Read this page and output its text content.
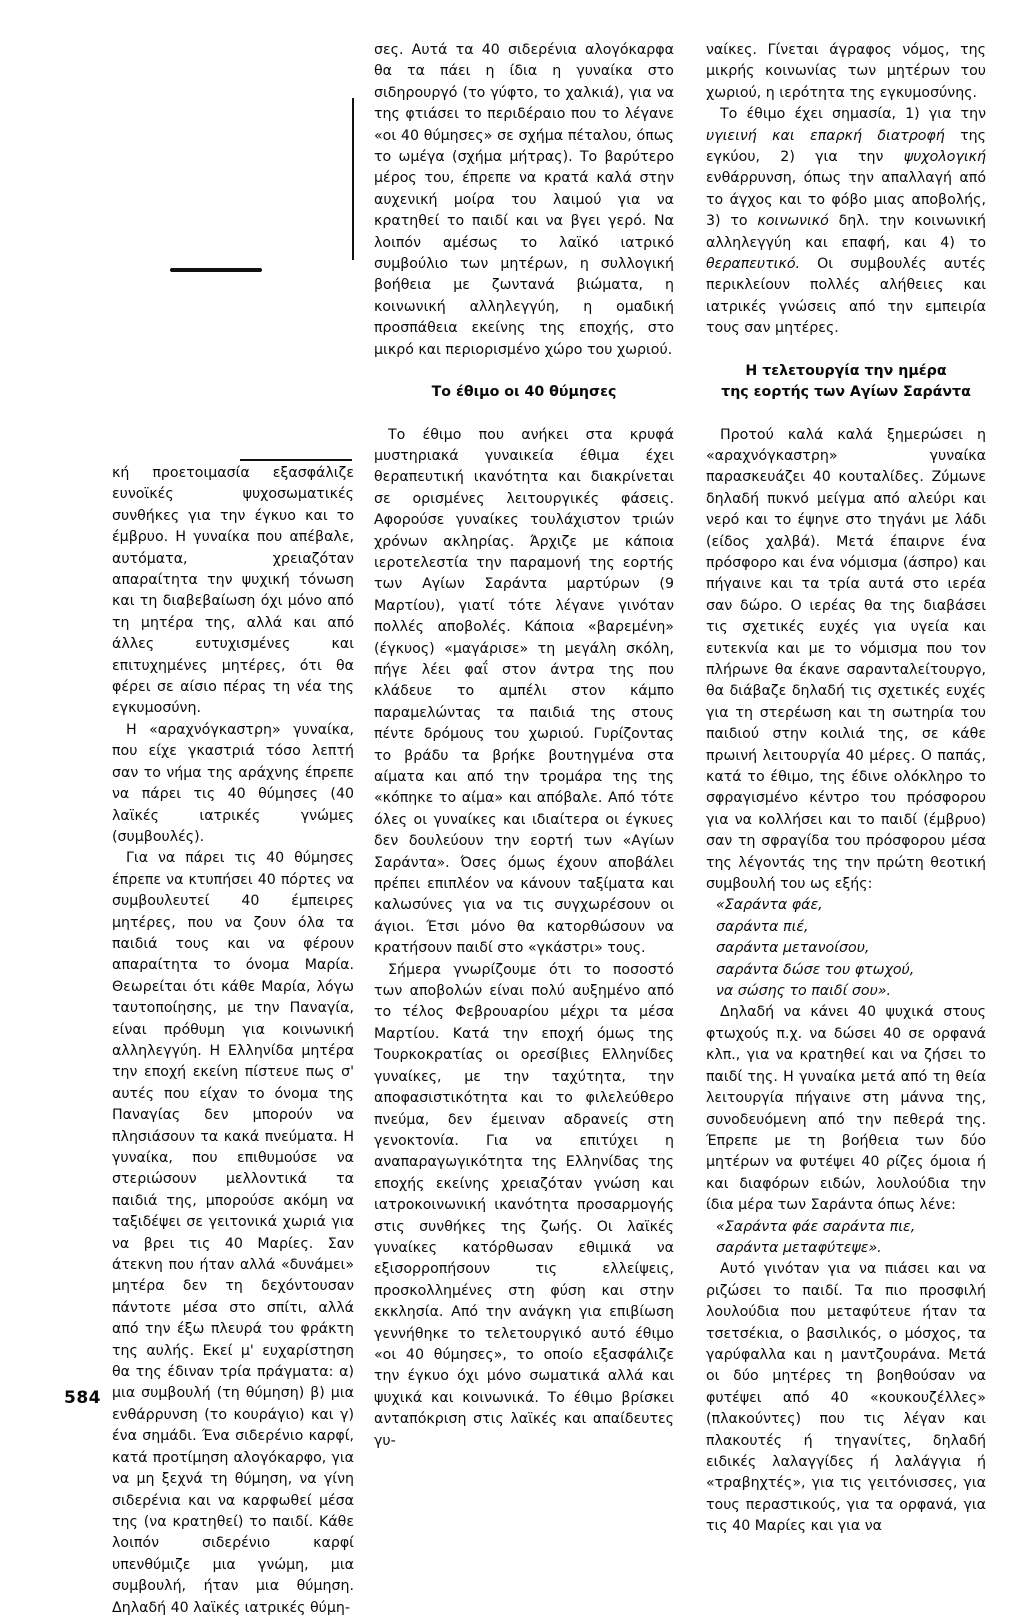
κή προετοιμασία εξασφάλιζε ευνοϊκές ψυχοσωματικές συνθήκες για την έγκυο και το έμβρυο. Η γυναίκα που απέβαλε, αυτόματα, χρειαζόταν απαραίτητα την ψυχική τόνωση και τη διαβεβαίωση όχι μόνο από τη μητέρα της, αλλά και από άλλες ευτυχισμένες και επιτυχημένες μητέρες, ότι θα φέρει σε αίσιο πέρας τη νέα της εγκυμοσύνη.

Η «αραχνόγκαστρη» γυναίκα, που είχε γκαστριά τόσο λεπτή σαν το νήμα της αράχνης έπρεπε να πάρει τις 40 θύμησες (40 λαϊκές ιατρικές γνώμες (συμβουλές).

Για να πάρει τις 40 θύμησες έπρεπε να κτυπήσει 40 πόρτες να συμβουλευτεί 40 έμπειρες μητέρες, που να ζουν όλα τα παιδιά τους και να φέρουν απαραίτητα το όνομα Μαρία. Θεωρείται ότι κάθε Μαρία, λόγω ταυτοποίησης, με την Παναγία, είναι πρόθυμη για κοινωνική αλληλεγγύη. Η Ελληνίδα μητέρα την εποχή εκείνη πίστευε πως σ' αυτές που είχαν το όνομα της Παναγίας δεν μπορούν να πλησιάσουν τα κακά πνεύματα. Η γυναίκα, που επιθυμούσε να στεριώσουν μελλοντικά τα παιδιά της, μπορούσε ακόμη να ταξιδέψει σε γειτονικά χωριά για να βρει τις 40 Μαρίες. Σαν άτεκνη που ήταν αλλά «δυνάμει» μητέρα δεν τη δεχόντουσαν πάντοτε μέσα στο σπίτι, αλλά από την έξω πλευρά του φράκτη της αυλής. Εκεί μ' ευχαρίστηση θα της έδιναν τρία πράγματα: α) μια συμβουλή (τη θύμηση) β) μια ενθάρρυνση (το κουράγιο) και γ) ένα σημάδι. Ένα σιδερένιο καρφί, κατά προτίμηση αλογόκαρφο, για να μη ξεχνά τη θύμηση, να γίνη σιδερένια και να καρφωθεί μέσα της (να κρατηθεί) το παιδί. Κάθε λοιπόν σιδερένιο καρφί υπενθύμιζε μια γνώμη, μια συμβουλή, ήταν μια θύμηση. Δηλαδή 40 λαϊκές ιατρικές θύμη-

σες. Αυτά τα 40 σιδερένια αλογόκαρφα θα τα πάει η ίδια η γυναίκα στο σιδηρουργό (το γύφτο, το χαλκιά), για να της φτιάσει το περιδέραιο που το λέγανε «οι 40 θύμησες» σε σχήμα πέταλου, όπως το ωμέγα (σχήμα μήτρας). Το βαρύτερο μέρος του, έπρεπε να κρατά καλά στην αυχενική μοίρα του λαιμού για να κρατηθεί το παιδί και να βγει γερό. Να λοιπόν αμέσως το λαϊκό ιατρικό συμβούλιο των μητέρων, η συλλογική βοήθεια με ζωντανά βιώματα, η κοινωνική αλληλεγγύη, η ομαδική προσπάθεια εκείνης της εποχής, στο μικρό και περιορισμένο χώρο του χωριού.

Το έθιμο οι 40 θύμησες

Το έθιμο που ανήκει στα κρυφά μυστηριακά γυναικεία έθιμα έχει θεραπευτική ικανότητα και διακρίνεται σε ορισμένες λειτουργικές φάσεις. Αφορούσε γυναίκες τουλάχιστον τριών χρόνων ακληρίας. Άρχιζε με κάποια ιεροτελεστία την παραμονή της εορτής των Αγίων Σαράντα μαρτύρων (9 Μαρτίου), γιατί τότε λέγανε γινόταν πολλές αποβολές. Κάποια «βαρεμένη» (έγκυος) «μαγάρισε» τη μεγάλη σκόλη, πήγε λέει φαΐ στον άντρα της που κλάδευε το αμπέλι στον κάμπο παραμελώντας τα παιδιά της στους πέντε δρόμους του χωριού. Γυρίζοντας το βράδυ τα βρήκε βουτηγμένα στα αίματα και από την τρομάρα της της «κόπηκε το αίμα» και απόβαλε. Από τότε όλες οι γυναίκες και ιδιαίτερα οι έγκυες δεν δουλεύουν την εορτή των «Αγίων Σαράντα». Όσες όμως έχουν αποβάλει πρέπει επιπλέον να κάνουν ταξίματα και καλωσύνες για να τις συγχωρέσουν οι άγιοι. Έτσι μόνο θα κατορθώσουν να κρατήσουν παιδί στο «γκάστρι» τους.

Σήμερα γνωρίζουμε ότι το ποσοστό των αποβολών είναι πολύ αυξημένο από το τέλος Φεβρουαρίου μέχρι τα μέσα Μαρτίου. Κατά την εποχή όμως της Τουρκοκρατίας οι ορεσίβιες Ελληνίδες γυναίκες, με την ταχύτητα, την αποφασιστικότητα και το φιλελεύθερο πνεύμα, δεν έμειναν αδρανείς στη γενοκτονία. Για να επιτύχει η αναπαραγωγικότητα της Ελληνίδας της εποχής εκείνης χρειαζόταν γνώση και ιατροκοινωνική ικανότητα προσαρμογής στις συνθήκες της ζωής. Οι λαϊκές γυναίκες κατόρθωσαν εθιμικά να εξισορροπήσουν τις ελλείψεις, προσκολλημένες στη φύση και στην εκκλησία. Από την ανάγκη για επιβίωση γεννήθηκε το τελετουργικό αυτό έθιμο «οι 40 θύμησες», το οποίο εξασφάλιζε την έγκυο όχι μόνο σωματικά αλλά και ψυχικά και κοινωνικά. Το έθιμο βρίσκει ανταπόκριση στις λαϊκές και απαίδευτες γυ-

ναίκες. Γίνεται άγραφος νόμος, της μικρής κοινωνίας των μητέρων του χωριού, η ιερότητα της εγκυμοσύνης.

Το έθιμο έχει σημασία, 1) για την υγιεινή και επαρκή διατροφή της εγκύου, 2) για την ψυχολογική ενθάρρυνση, όπως την απαλλαγή από το άγχος και το φόβο μιας αποβολής, 3) το κοινωνικό δηλ. την κοινωνική αλληλεγγύη και επαφή, και 4) το θεραπευτικό. Οι συμβουλές αυτές περικλείουν πολλές αλήθειες και ιατρικές γνώσεις από την εμπειρία τους σαν μητέρες.

Η τελετουργία την ημέρα

της εορτής των Αγίων Σαράντα

Προτού καλά καλά ξημερώσει η «αραχνόγκαστρη» γυναίκα παρασκευάζει 40 κουταλίδες. Ζύμωνε δηλαδή πυκνό μείγμα από αλεύρι και νερό και το έψηνε στο τηγάνι με λάδι (είδος χαλβά). Μετά έπαιρνε ένα πρόσφορο και ένα νόμισμα (άσπρο) και πήγαινε και τα τρία αυτά στο ιερέα σαν δώρο. Ο ιερέας θα της διαβάσει τις σχετικές ευχές για υγεία και ευτεκνία και με το νόμισμα που τον πλήρωνε θα έκανε σαρανταλείτουργο, θα διάβαζε δηλαδή τις σχετικές ευχές για τη στερέωση και τη σωτηρία του παιδιού στην κοιλιά της, σε κάθε πρωινή λειτουργία 40 μέρες. Ο παπάς, κατά το έθιμο, της έδινε ολόκληρο το σφραγισμένο κέντρο του πρόσφορου για να κολλήσει και το παιδί (έμβρυο) σαν τη σφραγίδα του πρόσφορου μέσα της λέγοντάς της την πρώτη θεοτική συμβουλή του ως εξής:

«Σαράντα φάε,

σαράντα πιέ,

σαράντα μετανοίσου,

σαράντα δώσε του φτωχού,

να σώσης το παιδί σου».

Δηλαδή να κάνει 40 ψυχικά στους φτωχούς π.χ. να δώσει 40 σε ορφανά κλπ., για να κρατηθεί και να ζήσει το παιδί της. Η γυναίκα μετά από τη θεία λειτουργία πήγαινε στη μάννα της, συνοδευόμενη από την πεθερά της. Έπρεπε με τη βοήθεια των δύο μητέρων να φυτέψει 40 ρίζες όμοια ή και διαφόρων ειδών, λουλούδια την ίδια μέρα των Σαράντα όπως λένε:

«Σαράντα φάε σαράντα πιε,

σαράντα μεταφύτεψε».

Αυτό γινόταν για να πιάσει και να ριζώσει το παιδί. Τα πιο προσφιλή λουλούδια που μεταφύτευε ήταν τα τσετσέκια, ο βασιλικός, ο μόσχος, τα γαρύφαλλα και η μαντζουράνα. Μετά οι δύο μητέρες τη βοηθούσαν να φυτέψει από 40 «κουκουζέλλες» (πλακούντες) που τις λέγαν και πλακουτές ή τηγανίτες, δηλαδή ειδικές λαλαγγίδες ή λαλάγγια ή «τραβηχτές», για τις γειτόνισσες, για τους περαστικούς, για τα ορφανά, για τις 40 Μαρίες και για να

584
